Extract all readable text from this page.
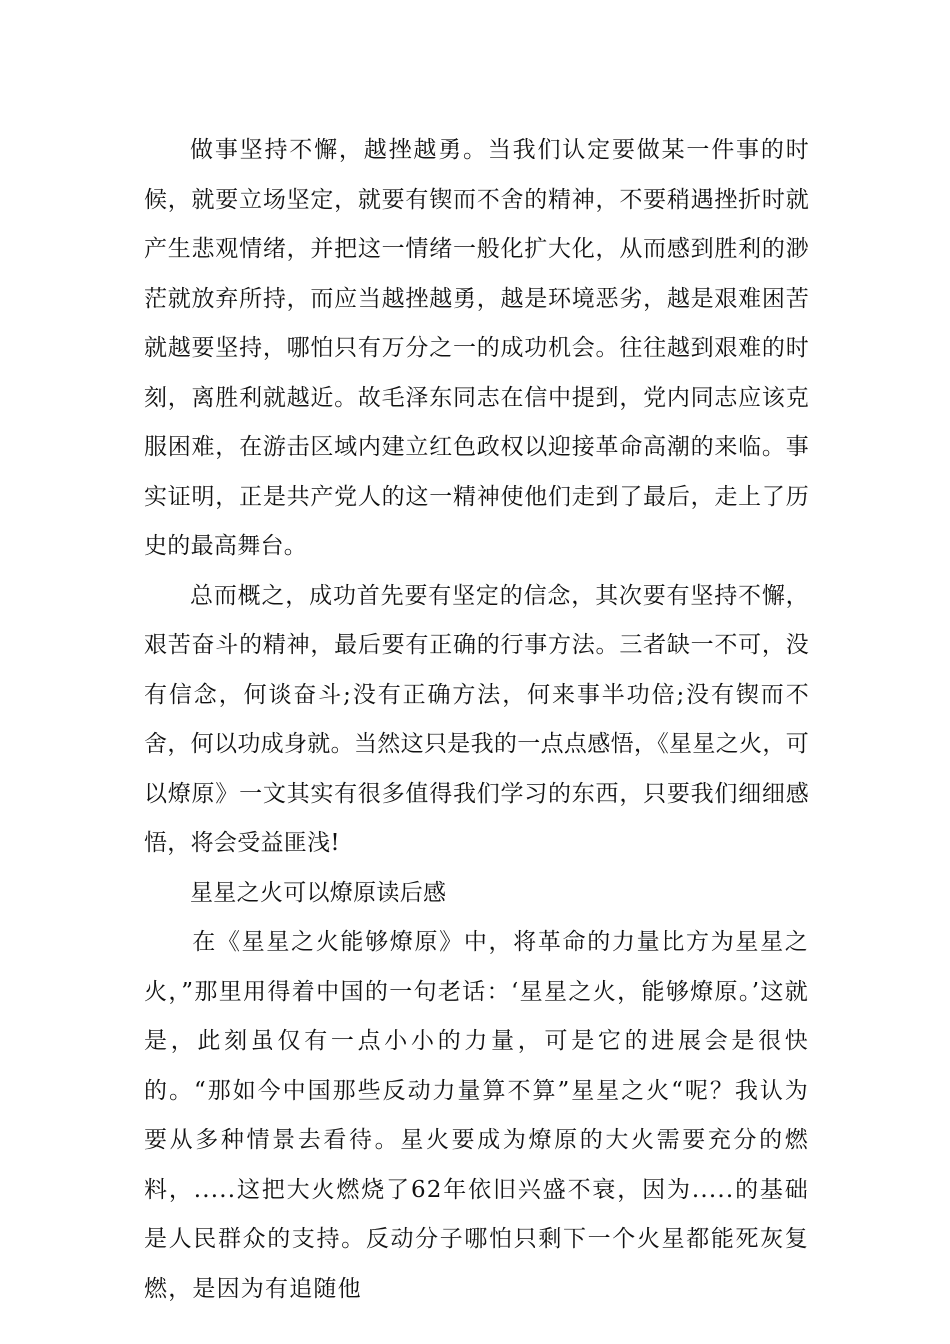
做事坚持不懈，越挫越勇。当我们认定要做某一件事的时候，就要立场坚定，就要有锲而不舍的精神，不要稍遇挫折时就产生悲观情绪，并把这一情绪一般化扩大化，从而感到胜利的渺茫就放弃所持，而应当越挫越勇，越是环境恶劣，越是艰难困苦就越要坚持，哪怕只有万分之一的成功机会。往往越到艰难的时刻，离胜利就越近。故毛泽东同志在信中提到，党内同志应该克服困难，在游击区域内建立红色政权以迎接革命高潮的来临。事实证明，正是共产党人的这一精神使他们走到了最后，走上了历史的最高舞台。

总而概之，成功首先要有坚定的信念，其次要有坚持不懈，艰苦奋斗的精神，最后要有正确的行事方法。三者缺一不可，没有信念，何谈奋斗;没有正确方法，何来事半功倍;没有锲而不舍，何以功成身就。当然这只是我的一点点感悟，《星星之火，可以燎原》一文其实有很多值得我们学习的东西，只要我们细细感悟，将会受益匪浅!

星星之火可以燎原读后感

在《星星之火能够燎原》中，将革命的力量比方为星星之火，”那里用得着中国的一句老话：‘星星之火，能够燎原。’这就是，此刻虽仅有一点小小的力量，可是它的进展会是很快的。“那如今中国那些反动力量算不算”星星之火“呢？我认为要从多种情景去看待。星火要成为燎原的大火需要充分的燃料，.....这把大火燃烧了62年依旧兴盛不衰，因为.....的基础是人民群众的支持。反动分子哪怕只剩下一个火星都能死灰复燃，是因为有追随他
